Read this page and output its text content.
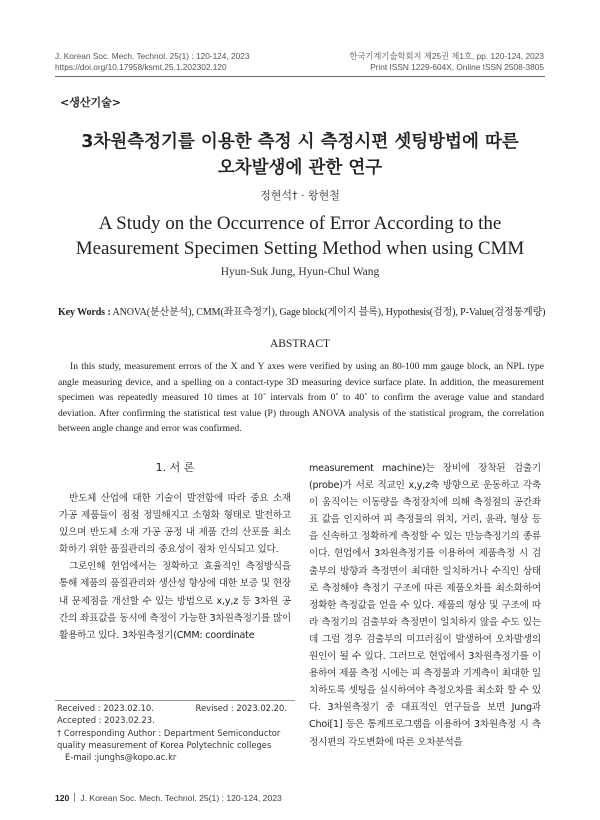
J. Korean Soc. Mech. Technol. 25(1) : 120-124, 2023
https://doi.org/10.17958/ksmt.25.1.202302.120
한국기계기술학회지 제25권 제1호, pp. 120-124, 2023
Print ISSN 1229-604X, Online ISSN 2508-3805
<생산기술>
3차원측정기를 이용한 측정 시 측정시편 셋팅방법에 따른
오차발생에 관한 연구
정현석† · 왕현철
A Study on the Occurrence of Error According to the
Measurement Specimen Setting Method when using CMM
Hyun-Suk Jung, Hyun-Chul Wang
Key Words : ANOVA(분산분석), CMM(좌표측정기), Gage block(게이지 블록), Hypothesis(검정), P-Value(검정통계량)
ABSTRACT
In this study, measurement errors of the X and Y axes were verified by using an 80-100 mm gauge block, an NPL type angle measuring device, and a spelling on a contact-type 3D measuring device surface plate. In addition, the measurement specimen was repeatedly measured 10 times at 10˚ intervals from 0˚ to 40˚ to confirm the average value and standard deviation. After confirming the statistical test value (P) through ANOVA analysis of the statistical program, the correlation between angle change and error was confirmed.
1. 서 론

반도체 산업에 대한 기술이 발전함에 따라 중요 소재 가공 제품들이 점점 정밀해지고 소형화 형태로 발전하고 있으며 반도체 소재 가공 공정 내 제품 간의 산포를 최소화하기 위한 품질관리의 중요성이 점차 인식되고 있다.

그로인해 현업에서는 정확하고 효율적인 측정방식을 통해 제품의 품질관리와 생산성 향상에 대한 보증 및 현장 내 문제점을 개선할 수 있는 방법으로 x,y,z 등 3차원 공간의 좌표값을 동시에 측정이 가능한 3차원측정기를 많이 활용하고 있다. 3차원측정기(CMM: coordinate

measurement machine)는 장비에 장착된 검출기(probe)가 서로 직교인 x,y,z축 방향으로 운동하고 각축이 움직이는 이동량을 측정장치에 의해 측정점의 공간좌표 값을 인지하여 피 측정물의 위치, 거리, 윤곽, 형상 등을 신속하고 정확하게 측정할 수 있는 만능측정기의 종류이다. 현업에서 3차원측정기를 이용하여 제품측정 시 검출부의 방향과 측정면이 최대한 일치하거나 수직인 상태로 측정해야 측정기 구조에 따른 제품오차를 최소화하여 정확한 측정값을 얻을 수 있다. 제품의 형상 및 구조에 따라 측정기의 검출부와 측정면이 일치하지 않을 수도 있는데 그럴 경우 검출부의 미끄러짐이 발생하여 오차발생의 원인이 될 수 있다. 그러므로 현업에서 3차원측정기를 이용하여 제품 측정 시에는 피 측정물과 기계측이 최대한 일치하도록 셋팅을 실시하여야 측정오차를 최소화 할 수 있다. 3차원측정기 중 대표적인 연구들을 보면 Jung과 Choi[1] 등은 통계프로그램을 이용하여 3차원측정 시 측정시편의 각도변화에 따른 오차분석을

Received : 2023.02.10.	Revised : 2023.02.20.
Accepted : 2023.02.23.
† Corresponding Author : Department Semiconductor quality measurement of Korea Polytechnic colleges
E-mail :junghs@kopo.ac.kr
120 J. Korean Soc. Mech. Technol. 25(1) : 120-124, 2023
